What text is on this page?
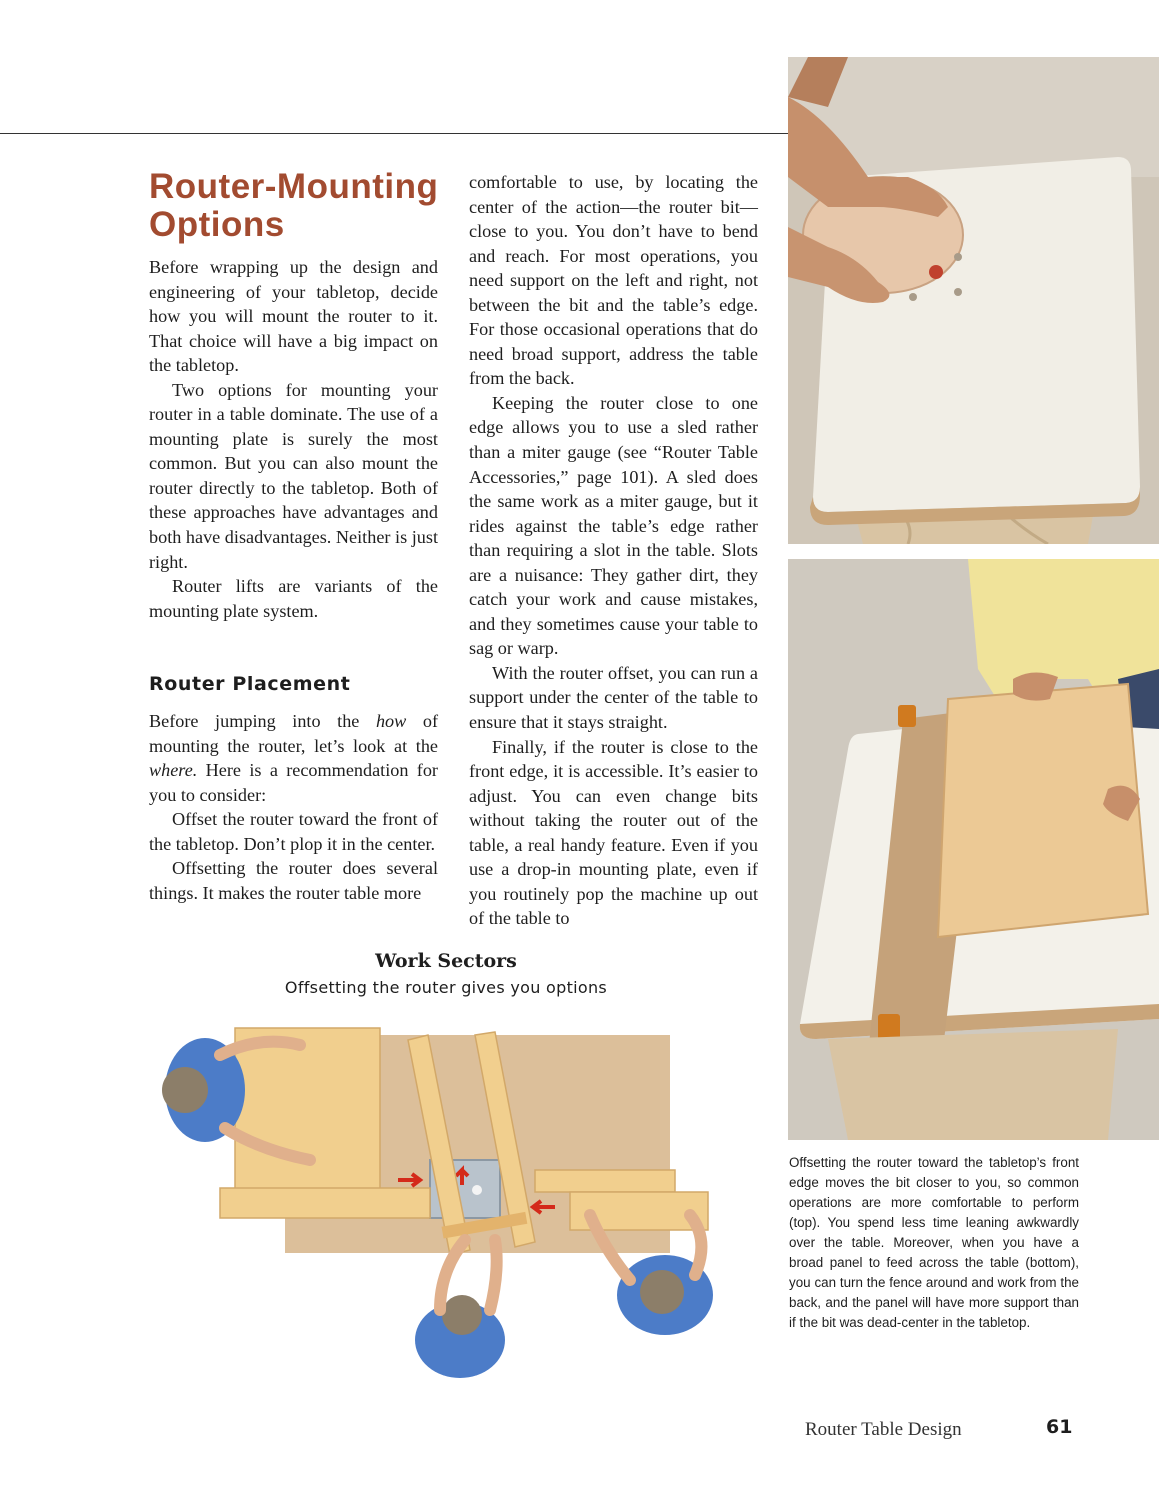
Router-Mounting Options

Before wrapping up the design and engineering of your tabletop, decide how you will mount the router to it. That choice will have a big impact on the tabletop.

Two options for mounting your router in a table dominate. The use of a mounting plate is surely the most common. But you can also mount the router directly to the tabletop. Both of these approaches have advantages and both have disadvantages. Neither is just right.

Router lifts are variants of the mounting plate system.

Router Placement

Before jumping into the how of mounting the router, let’s look at the where. Here is a recommendation for you to consider:

Offset the router toward the front of the tabletop. Don’t plop it in the center.

Offsetting the router does several things. It makes the router table more

comfortable to use, by locating the center of the action—the router bit—close to you. You don’t have to bend and reach. For most operations, you need support on the left and right, not between the bit and the table’s edge. For those occasional operations that do need broad support, address the table from the back.

Keeping the router close to one edge allows you to use a sled rather than a miter gauge (see “Router Table Accessories,” page 101). A sled does the same work as a miter gauge, but it rides against the table’s edge rather than requiring a slot in the table. Slots are a nuisance: They gather dirt, they catch your work and cause mistakes, and they sometimes cause your table to sag or warp.

With the router offset, you can run a support under the center of the table to ensure that it stays straight.

Finally, if the router is close to the front edge, it is accessible. It’s easier to adjust. You can even change bits without taking the router out of the table, a real handy feature. Even if you use a drop-in mounting plate, even if you routinely pop the machine up out of the table to

Offsetting the router toward the tabletop’s front edge moves the bit closer to you, so common operations are more comfortable to perform (top). You spend less time leaning awkwardly over the table. Moreover, when you have a broad panel to feed across the table (bottom), you can turn the fence around and work from the back, and the panel will have more support than if the bit was dead-center in the tabletop.
Work Sectors
Offsetting the router gives you options
Router Table Design	61
